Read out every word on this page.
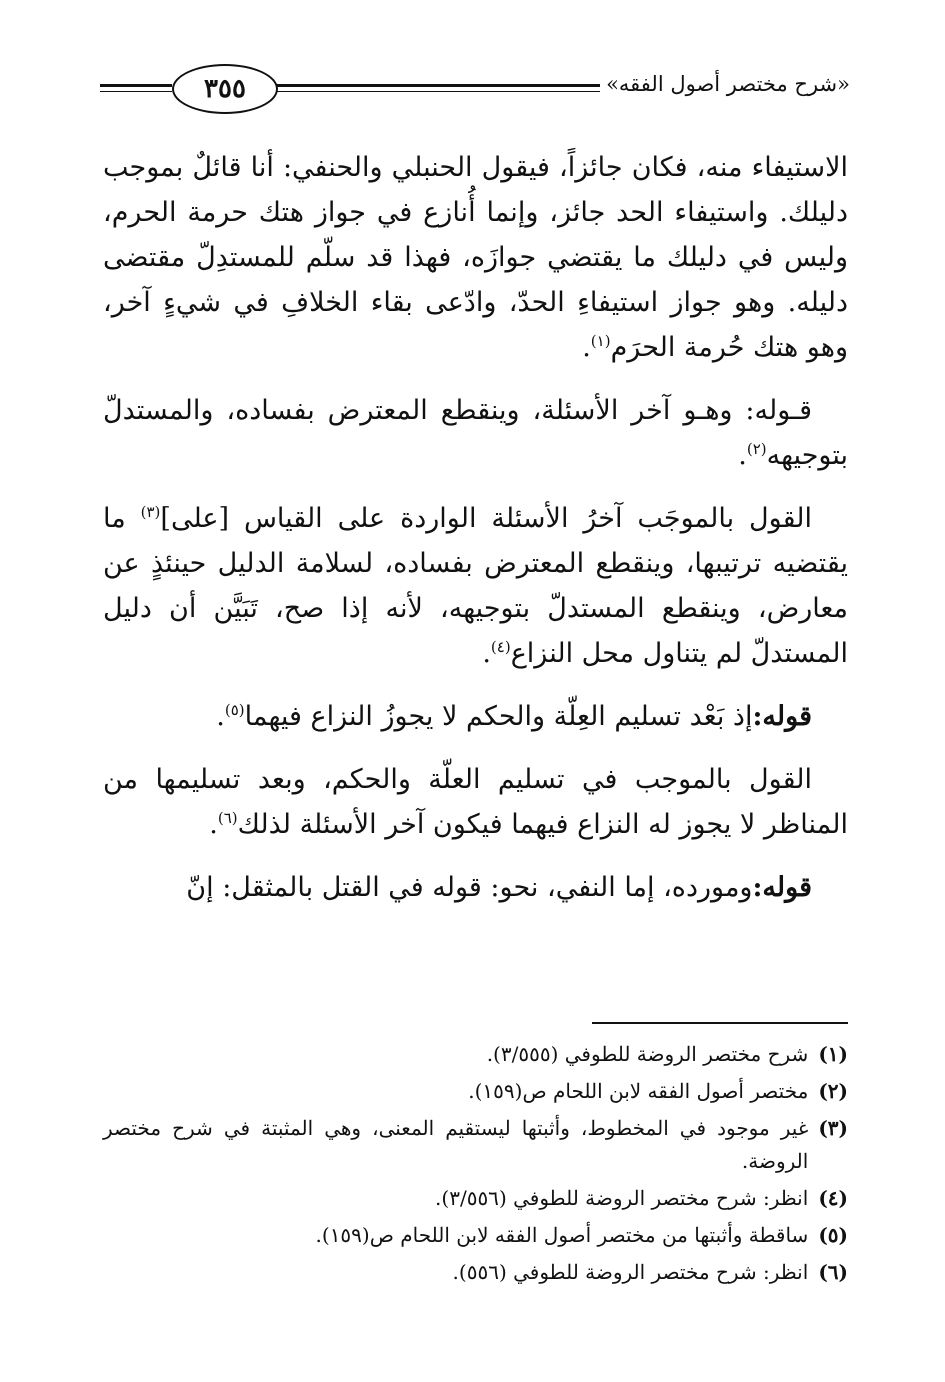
٣٥٥	«شرح مختصر أصول الفقه»

الاستيفاء منه، فكان جائزاً، فيقول الحنبلي والحنفي: أنا قائلٌ بموجب دليلك. واستيفاء الحد جائز، وإنما أُنازع في جواز هتك حرمة الحرم، وليس في دليلك ما يقتضي جوازَه، فهذا قد سلّم للمستدِلّ مقتضى دليله. وهو جواز استيفاءِ الحدّ، وادّعى بقاء الخلافِ في شيءٍ آخر، وهو هتك حُرمة الحرَم$^{(١)}$.

قـوله: وهـو آخر الأسئلة، وينقطع المعترض بفساده، والمستدلّ بتوجيهه$^{(٢)}$.

القول بالموجَب آخرُ الأسئلة الواردة على القياس [على]$^{(٣)}$ ما يقتضيه ترتيبها، وينقطع المعترض بفساده، لسلامة الدليل حينئذٍ عن معارض، وينقطع المستدلّ بتوجيهه، لأنه إذا صح، تَبَيَّن أن دليل المستدلّ لم يتناول محل النزاع$^{(٤)}$.

قوله:إذ بَعْد تسليم العِلّة والحكم لا يجوزُ النزاع فيهما$^{(٥)}$.

القول بالموجب في تسليم العلّة والحكم، وبعد تسليمها من المناظر لا يجوز له النزاع فيهما فيكون آخر الأسئلة لذلك$^{(٦)}$.

قوله:ومورده، إما النفي، نحو: قوله في القتل بالمثقل: إنّ

(١)
شرح مختصر الروضة للطوفي (٣/٥٥٥).
(٢)
مختصر أصول الفقه لابن اللحام ص(١٥٩).
(٣)
غير موجود في المخطوط، وأثبتها ليستقيم المعنى، وهي المثبتة في شرح مختصر الروضة.
(٤)
انظر: شرح مختصر الروضة للطوفي (٣/٥٥٦).
(٥)
ساقطة وأثبتها من مختصر أصول الفقه لابن اللحام ص(١٥٩).
(٦)
انظر: شرح مختصر الروضة للطوفي (٥٥٦).
